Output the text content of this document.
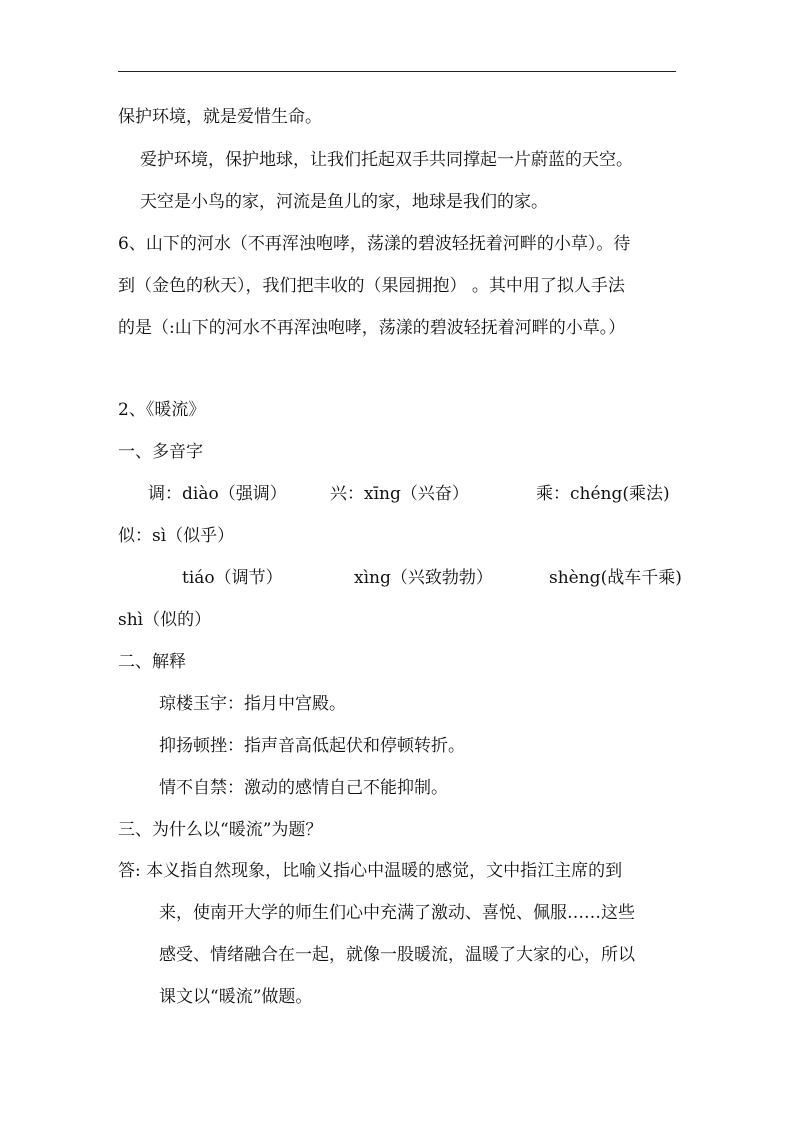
保护环境，就是爱惜生命。
爱护环境，保护地球，让我们托起双手共同撑起一片蔚蓝的天空。
天空是小鸟的家，河流是鱼儿的家，地球是我们的家。
6、山下的河水（不再浑浊咆哮，荡漾的碧波轻抚着河畔的小草）。待
到（金色的秋天），我们把丰收的（果园拥抱） 。其中用了拟人手法
的是（:山下的河水不再浑浊咆哮，荡漾的碧波轻抚着河畔的小草。）
2、《暖流》
一、多音字
调：diào（强调）	兴：xīng（兴奋）	乘：chéng(乘法)
似：sì（似乎）
tiáo（调节）	xìng（兴致勃勃）	shèng(战车千乘)
shì（似的）
二、解释
琼楼玉宇：指月中宫殿。
抑扬顿挫：指声音高低起伏和停顿转折。
情不自禁：激动的感情自己不能抑制。
三、为什么以“暖流”为题？
答: 本义指自然现象，比喻义指心中温暖的感觉，文中指江主席的到
来，使南开大学的师生们心中充满了激动、喜悦、佩服……这些
感受、情绪融合在一起，就像一股暖流，温暖了大家的心，所以
课文以“暖流”做题。
